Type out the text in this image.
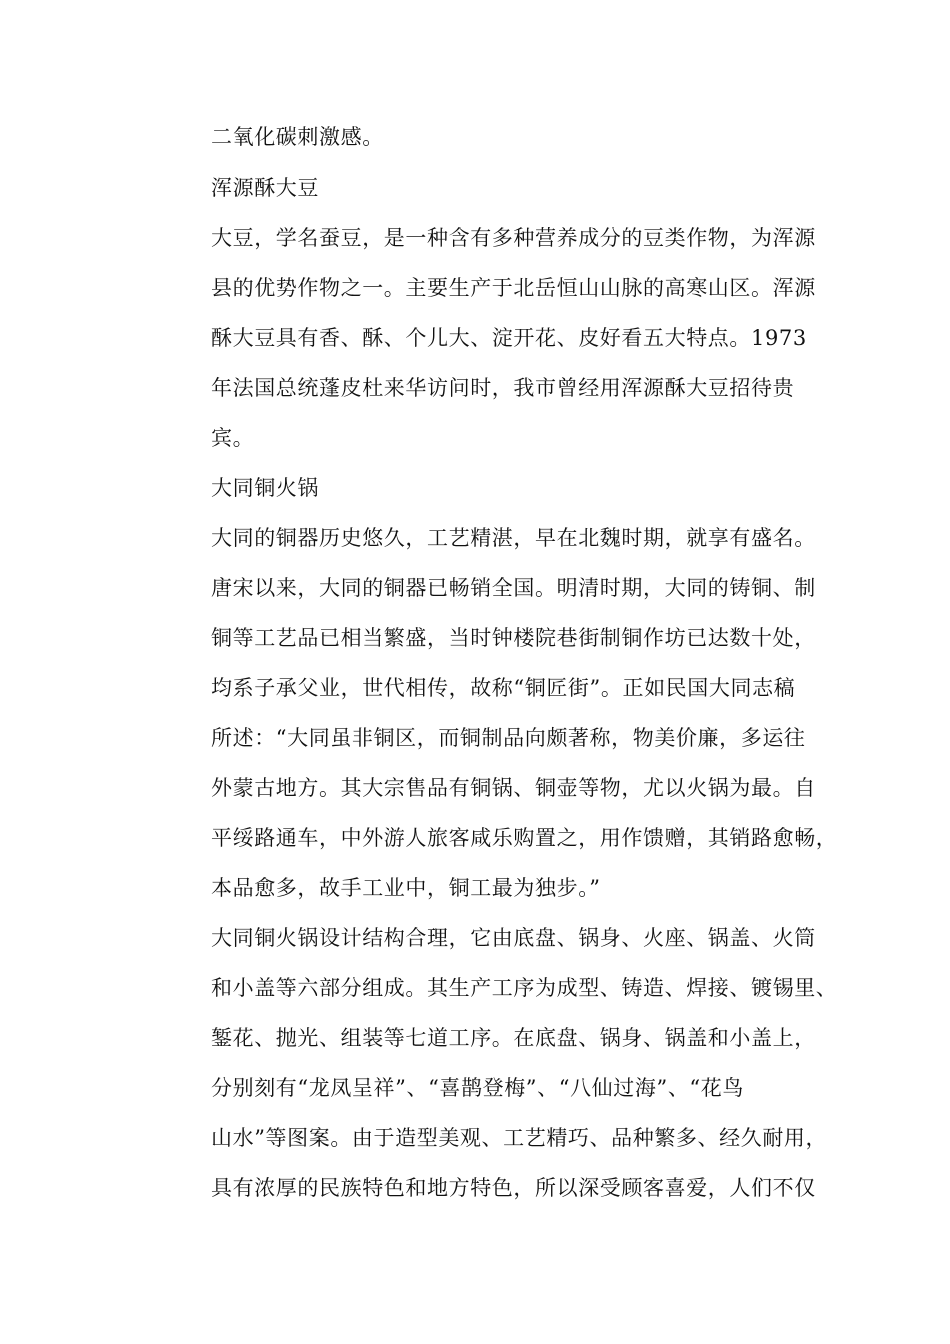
二氧化碳刺激感。
浑源酥大豆
大豆，学名蚕豆，是一种含有多种营养成分的豆类作物，为浑源
县的优势作物之一。主要生产于北岳恒山山脉的高寒山区。浑源
酥大豆具有香、酥、个儿大、淀开花、皮好看五大特点。1973
年法国总统蓬皮杜来华访问时，我市曾经用浑源酥大豆招待贵
宾。
大同铜火锅
大同的铜器历史悠久，工艺精湛，早在北魏时期，就享有盛名。
唐宋以来，大同的铜器已畅销全国。明清时期，大同的铸铜、制
铜等工艺品已相当繁盛，当时钟楼院巷街制铜作坊已达数十处，
均系子承父业，世代相传，故称“铜匠街”。正如民国大同志稿
所述：“大同虽非铜区，而铜制品向颇著称，物美价廉，多运往
外蒙古地方。其大宗售品有铜锅、铜壶等物，尤以火锅为最。自
平绥路通车，中外游人旅客咸乐购置之，用作馈赠，其销路愈畅，
本品愈多，故手工业中，铜工最为独步。”
大同铜火锅设计结构合理，它由底盘、锅身、火座、锅盖、火筒
和小盖等六部分组成。其生产工序为成型、铸造、焊接、镀锡里、
錾花、抛光、组装等七道工序。在底盘、锅身、锅盖和小盖上，
分别刻有“龙凤呈祥”、“喜鹊登梅”、“八仙过海”、“花鸟
山水”等图案。由于造型美观、工艺精巧、品种繁多、经久耐用，
具有浓厚的民族特色和地方特色，所以深受顾客喜爱，人们不仅
